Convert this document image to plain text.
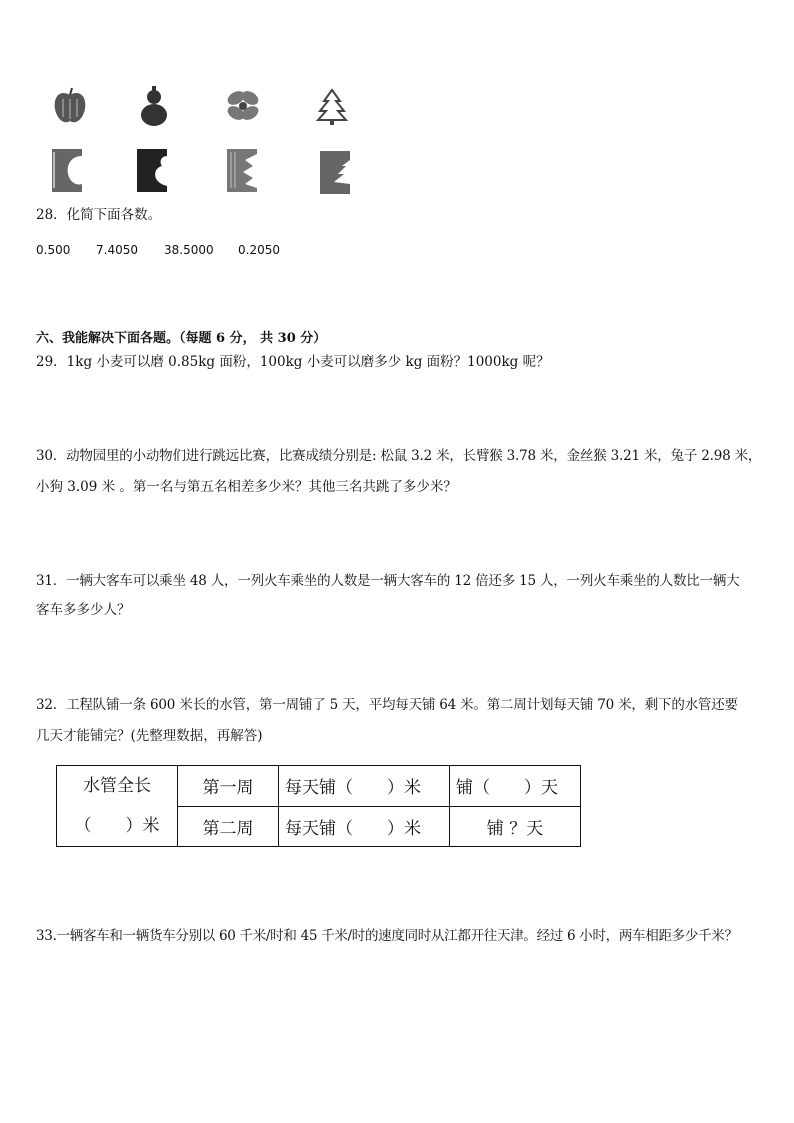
28．化简下面各数。
0.500 7.4050 38.5000 0.2050
六、我能解决下面各题。（每题 6 分， 共 30 分）
29．1kg 小麦可以磨 0.85kg 面粉，100kg 小麦可以磨多少 kg 面粉？1000kg 呢？
30．动物园里的小动物们进行跳远比赛，比赛成绩分别是: 松鼠 3.2 米，长臂猴 3.78 米，金丝猴 3.21 米，兔子 2.98 米，
小狗 3.09 米 。第一名与第五名相差多少米？其他三名共跳了多少米？
31．一辆大客车可以乘坐 48 人，一列火车乘坐的人数是一辆大客车的 12 倍还多 15 人，一列火车乘坐的人数比一辆大
客车多多少人？
32．工程队铺一条 600 米长的水管，第一周铺了 5 天，平均每天铺 64 米。第二周计划每天铺 70 米，剩下的水管还要
几天才能铺完？(先整理数据，再解答)
水管全长
（　　）米	第一周	每天铺（　　）米	铺（　　）天
	第二周	每天铺（　　）米	铺 ？天
33.一辆客车和一辆货车分别以 60 千米/时和 45 千米/时的速度同时从江都开往天津。经过 6 小时，两车相距多少千米？
